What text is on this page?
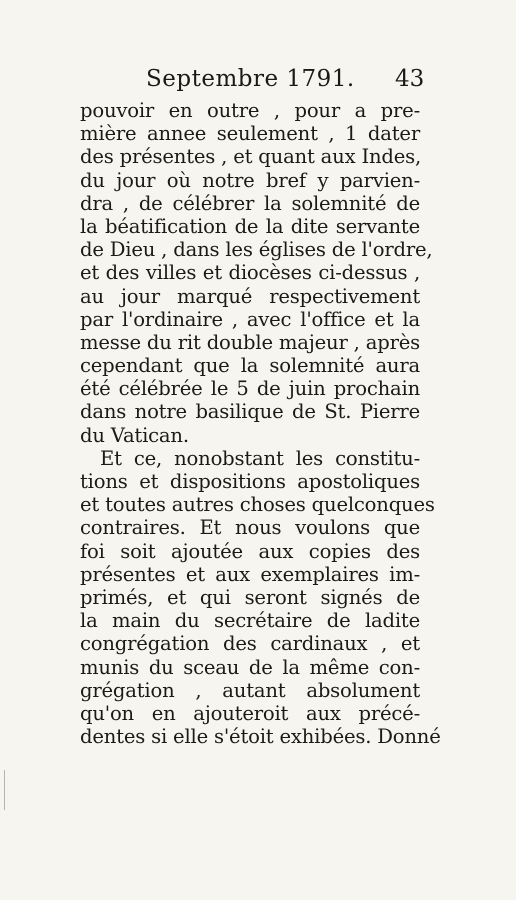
Septembre 1791. 43
pouvoir en outre , pour a pre-
mière annee seulement , 1 dater
des présentes , et quant aux Indes,
du jour où notre bref y parvien-
dra , de célébrer la solemnité de
la béatification de la dite servante
de Dieu , dans les églises de l'ordre,
et des villes et diocèses ci-dessus ,
au jour marqué respectivement
par l'ordinaire , avec l'office et la
messe du rit double majeur , après
cependant que la solemnité aura
été célébrée le 5 de juin prochain
dans notre basilique de St. Pierre
du Vatican.
Et ce, nonobstant les constitu-
tions et dispositions apostoliques
et toutes autres choses quelconques
contraires. Et nous voulons que
foi soit ajoutée aux copies des
présentes et aux exemplaires im-
primés, et qui seront signés de
la main du secrétaire de ladite
congrégation des cardinaux , et
munis du sceau de la même con-
grégation , autant absolument
qu'on en ajouteroit aux précé-
dentes si elle s'étoit exhibées. Donné
